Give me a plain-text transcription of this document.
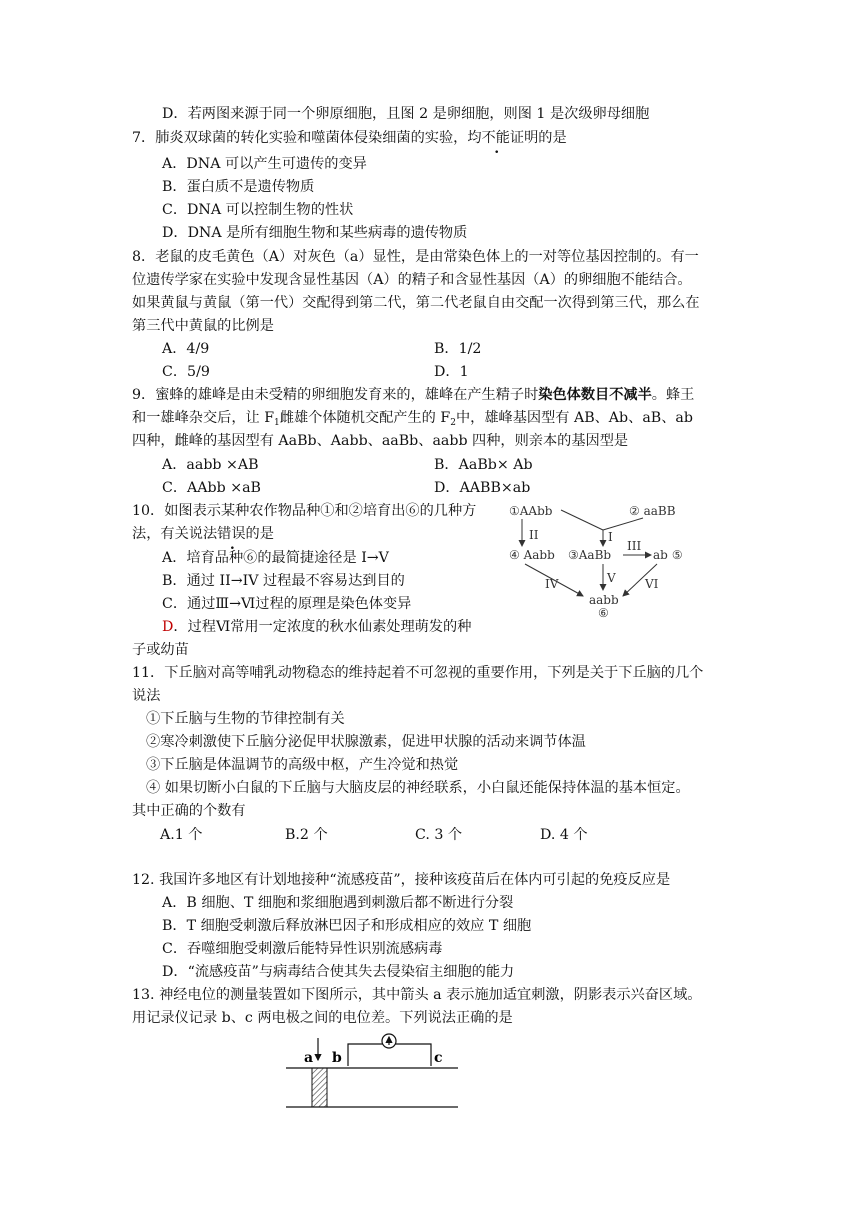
D．若两图来源于同一个卵原细胞，且图 2 是卵细胞，则图 1 是次级卵母细胞
7．肺炎双球菌的转化实验和噬菌体侵染细菌的实验，均不能证明的是
A．DNA 可以产生可遗传的变异
B．蛋白质不是遗传物质
C．DNA 可以控制生物的性状
D．DNA 是所有细胞生物和某些病毒的遗传物质
8．老鼠的皮毛黄色（A）对灰色（a）显性，是由常染色体上的一对等位基因控制的。有一
位遗传学家在实验中发现含显性基因（A）的精子和含显性基因（A）的卵细胞不能结合。
如果黄鼠与黄鼠（第一代）交配得到第二代，第二代老鼠自由交配一次得到第三代，那么在
第三代中黄鼠的比例是
A．4/9	B．1/2
C．5/9	D．1
9．蜜蜂的雄峰是由未受精的卵细胞发育来的，雄峰在产生精子时染色体数目不减半。蜂王
和一雄峰杂交后，让 $F_1$雌雄个体随机交配产生的 $F_2$中，雄峰基因型有 AB、Ab、aB、ab
四种，雌峰的基因型有 AaBb、Aabb、aaBb、aabb 四种，则亲本的基因型是
A．aabb ×AB	B．AaBb× Ab
C．AAbb ×aB	D．AABB×ab
10．如图表示某种农作物品种①和②培育出⑥的几种方
法，有关说法错误的是
A．培育品种⑥的最简捷途径是 I→V
B．通过 II→IV 过程最不容易达到目的
C．通过Ⅲ→Ⅵ过程的原理是染色体变异
D．过程Ⅵ常用一定浓度的秋水仙素处理萌发的种
子或幼苗
①AAbb	② aaBB
II	I
④ Aabb ③AaBb
III
ab ⑤
IV	V VI
aabb
⑥
11．下丘脑对高等哺乳动物稳态的维持起着不可忽视的重要作用，下列是关于下丘脑的几个
说法
①下丘脑与生物的节律控制有关
②寒冷刺激使下丘脑分泌促甲状腺激素，促进甲状腺的活动来调节体温
③下丘脑是体温调节的高级中枢，产生冷觉和热觉
④ 如果切断小白鼠的下丘脑与大脑皮层的神经联系，小白鼠还能保持体温的基本恒定。
其中正确的个数有
A.1 个	B.2 个	C. 3 个	D. 4 个
12. 我国许多地区有计划地接种“流感疫苗”，接种该疫苗后在体内可引起的免疫反应是
A．B 细胞、T 细胞和浆细胞遇到刺激后都不断进行分裂
B．T 细胞受刺激后释放淋巴因子和形成相应的效应 T 细胞
C．吞噬细胞受刺激后能特异性识别流感病毒
D．“流感疫苗”与病毒结合使其失去侵染宿主细胞的能力
13. 神经电位的测量装置如下图所示，其中箭头 a 表示施加适宜刺激，阴影表示兴奋区域。
用记录仪记录 b、c 两电极之间的电位差。下列说法正确的是
a b	c
